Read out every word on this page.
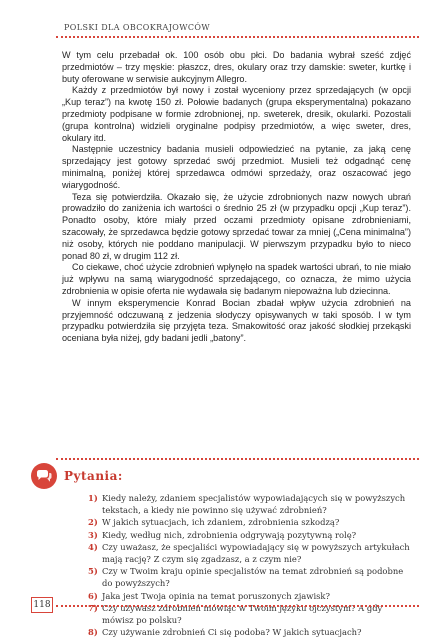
POLSKI DLA OBCOKRAJOWCÓW

W tym celu przebadał ok. 100 osób obu płci. Do badania wybrał sześć zdjęć przedmiotów – trzy męskie: płaszcz, dres, okulary oraz trzy damskie: sweter, kurtkę i buty oferowane w serwisie aukcyjnym Allegro.

Każdy z przedmiotów był nowy i został wyceniony przez sprzedających (w opcji „Kup teraz”) na kwotę 150 zł. Połowie badanych (grupa eksperymentalna) pokazano przedmioty podpisane w formie zdrobnionej, np. sweterek, dresik, okularki. Pozostali (grupa kontrolna) widzieli oryginalne podpisy przedmiotów, a więc sweter, dres, okulary itd.

Następnie uczestnicy badania musieli odpowiedzieć na pytanie, za jaką cenę sprzedający jest gotowy sprzedać swój przedmiot. Musieli też odgadnąć cenę minimalną, poniżej której sprzedawca odmówi sprzedaży, oraz oszacować jego wiarygodność.

Teza się potwierdziła. Okazało się, że użycie zdrobnionych nazw nowych ubrań prowadziło do zaniżenia ich wartości o średnio 25 zł (w przypadku opcji „Kup teraz”). Ponadto osoby, które miały przed oczami przedmioty opisane zdrobnieniami, szacowały, że sprzedawca będzie gotowy sprzedać towar za mniej („Cena minimalna”) niż osoby, których nie poddano manipulacji. W pierwszym przypadku było to nieco ponad 80 zł, w drugim 112 zł.

Co ciekawe, choć użycie zdrobnień wpłynęło na spadek wartości ubrań, to nie miało już wpływu na samą wiarygodność sprzedającego, co oznacza, że mimo użycia zdrobnienia w opisie oferta nie wydawała się badanym niepoważna lub dziecinna.

W innym eksperymencie Konrad Bocian zbadał wpływ użycia zdrobnień na przyjemność odczuwaną z jedzenia słodyczy opisywanych w taki sposób. I w tym przypadku potwierdziła się przyjęta teza. Smakowitość oraz jakość słodkiej przekąski oceniana była niżej, gdy badani jedli „batony”.

Pytania:
1) Kiedy należy, zdaniem specjalistów wypowiadających się w powyższych tekstach, a kiedy nie powinno się używać zdrobnień?
2) W jakich sytuacjach, ich zdaniem, zdrobnienia szkodzą?
3) Kiedy, według nich, zdrobnienia odgrywają pozytywną rolę?
4) Czy uważasz, że specjaliści wypowiadający się w powyższych artykułach mają rację? Z czym się zgadzasz, a z czym nie?
5) Czy w Twoim kraju opinie specjalistów na temat zdrobnień są podobne do powyższych?
6) Jaka jest Twoja opinia na temat poruszonych zjawisk?
7) Czy używasz zdrobnień mówiąc w Twoim języku ojczystym? A gdy mówisz po polsku?
8) Czy używanie zdrobnień Ci się podoba? W jakich sytuacjach?
118
